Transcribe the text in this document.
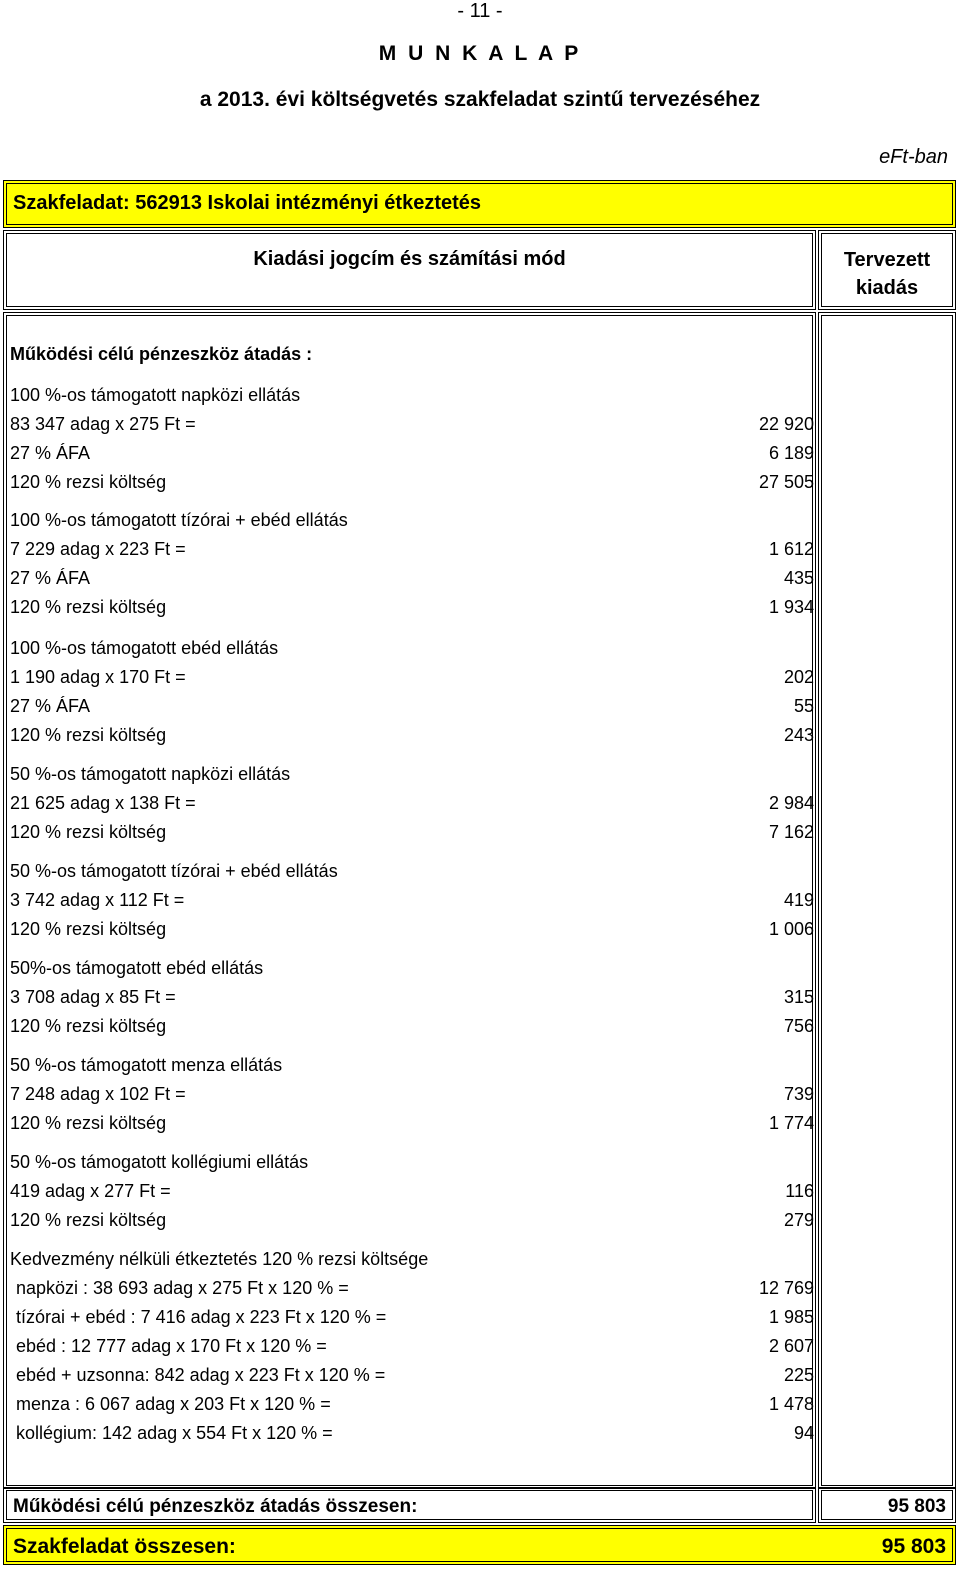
- 11 -
M U N K A L A P
a 2013. évi költségvetés szakfeladat szintű tervezéséhez
eFt-ban
Szakfeladat: 562913 Iskolai intézményi étkeztetés
Kiadási jogcím és számítási mód	Tervezett
kiadás
Működési célú pénzeszköz átadás :
100 %-os támogatott napközi ellátás
83 347 adag x 275 Ft =	22 920
27 % ÁFA	6 189
120 % rezsi költség	27 505
100 %-os támogatott tízórai + ebéd ellátás
7 229 adag x 223 Ft =	1 612
27 % ÁFA	435
120 % rezsi költség	1 934
100 %-os támogatott ebéd ellátás
1 190 adag x 170 Ft =	202
27 % ÁFA	55
120 % rezsi költség	243
50 %-os támogatott napközi ellátás
21 625 adag x 138 Ft =	2 984
120 % rezsi költség	7 162
50 %-os támogatott tízórai + ebéd ellátás
3 742 adag x 112 Ft =	419
120 % rezsi költség	1 006
50%-os támogatott ebéd ellátás
3 708 adag x 85 Ft =	315
120 % rezsi költség	756
50 %-os támogatott menza ellátás
7 248 adag x 102 Ft =	739
120 % rezsi költség	1 774
50 %-os támogatott kollégiumi ellátás
419 adag x 277 Ft =	116
120 % rezsi költség	279
Kedvezmény nélküli étkeztetés 120 % rezsi költsége
napközi : 38 693 adag x 275 Ft x 120 % =	12 769
tízórai + ebéd : 7 416 adag x 223 Ft x 120 % =	1 985
ebéd : 12 777 adag x 170 Ft x 120 % =	2 607
ebéd + uzsonna: 842 adag x 223 Ft x 120 % =	225
menza : 6 067 adag x 203 Ft x 120 % =	1 478
kollégium: 142 adag x 554 Ft x 120 % =	94
Működési célú pénzeszköz átadás összesen:	95 803
Szakfeladat összesen:	95 803
